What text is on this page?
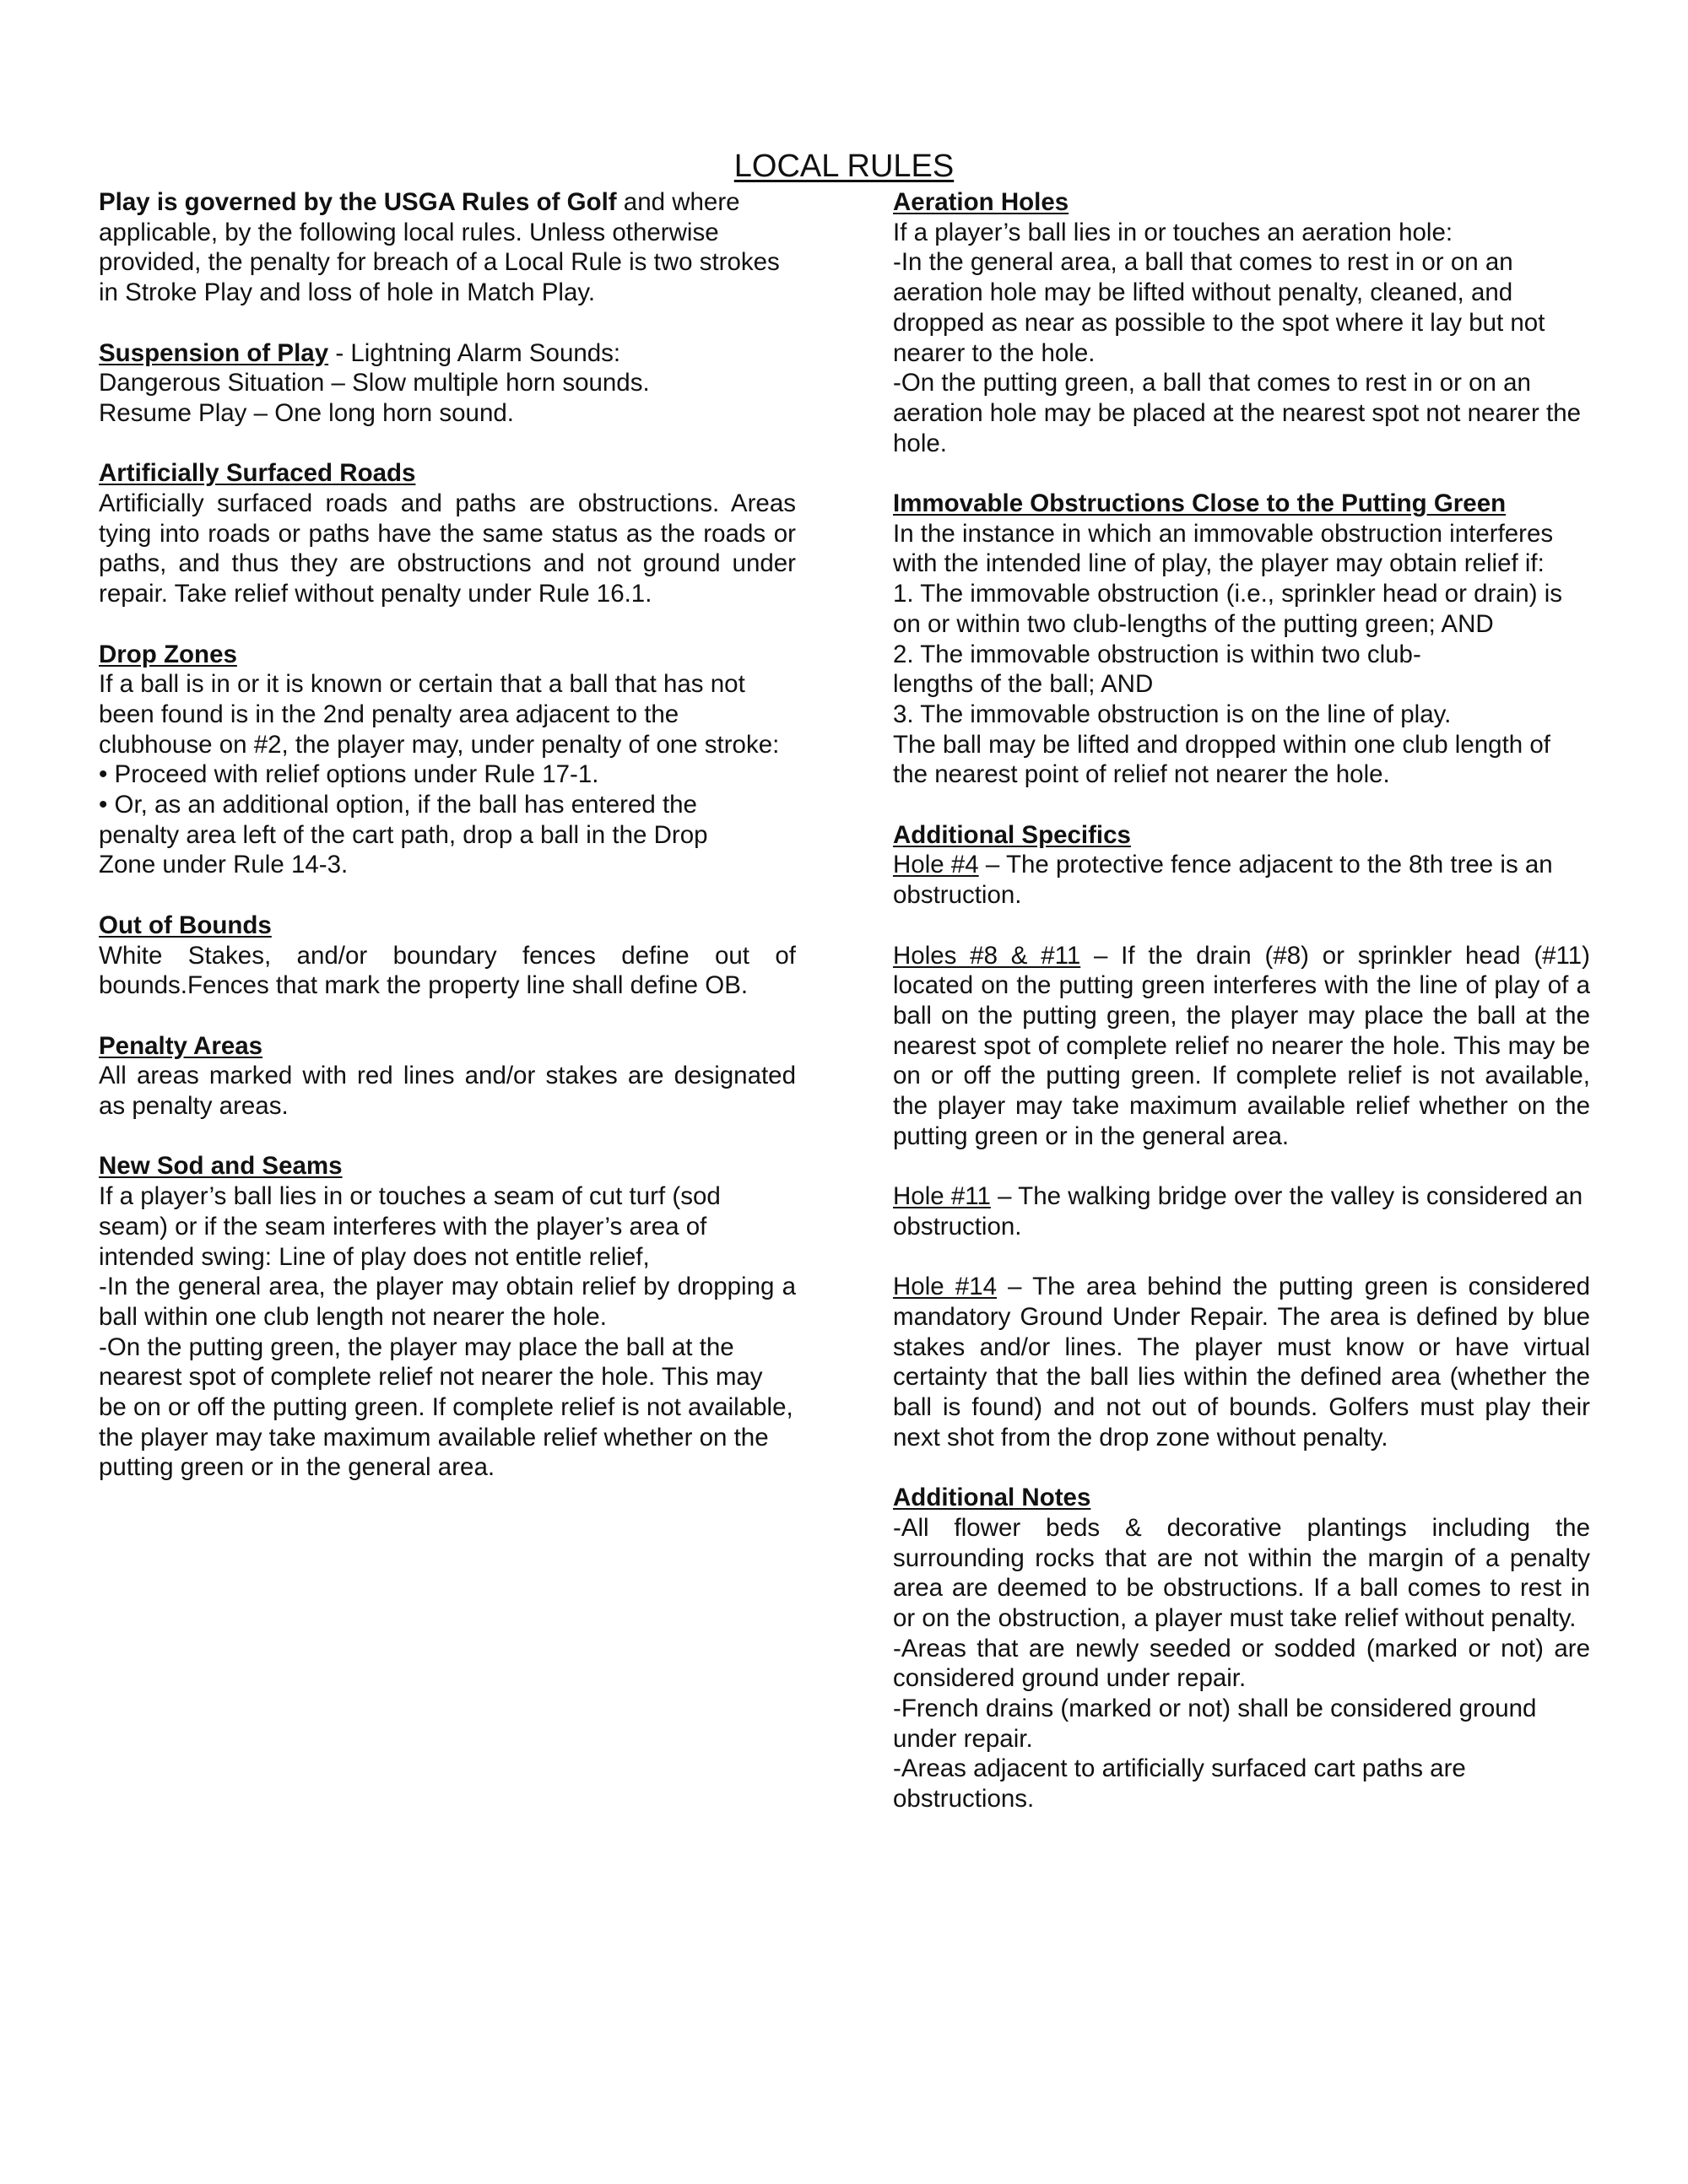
LOCAL RULES

Play is governed by the USGA Rules of Golf and where applicable, by the following local rules. Unless otherwise provided, the penalty for breach of a Local Rule is two strokes in Stroke Play and loss of hole in Match Play.

Suspension of Play - Lightning Alarm Sounds:

Dangerous Situation – Slow multiple horn sounds.

Resume Play – One long horn sound.

Artificially Surfaced Roads

Artificially surfaced roads and paths are obstructions. Areas tying into roads or paths have the same status as the roads or paths, and thus they are obstructions and not ground under repair. Take relief without penalty under Rule 16.1.

Drop Zones

If a ball is in or it is known or certain that a ball that has not been found is in the 2nd penalty area adjacent to the clubhouse on #2, the player may, under penalty of one stroke:

• Proceed with relief options under Rule 17-1.

• Or, as an additional option, if the ball has entered the penalty area left of the cart path, drop a ball in the Drop Zone under Rule 14-3.

Out of Bounds

White Stakes, and/or boundary fences define out of bounds.Fences that mark the property line shall define OB.

Penalty Areas

All areas marked with red lines and/or stakes are designated as penalty areas.

New Sod and Seams

If a player’s ball lies in or touches a seam of cut turf (sod seam) or if the seam interferes with the player’s area of intended swing: Line of play does not entitle relief,

-In the general area, the player may obtain relief by dropping a ball within one club length not nearer the hole.

-On the putting green, the player may place the ball at the nearest spot of complete relief not nearer the hole. This may be on or off the putting green. If complete relief is not available, the player may take maximum available relief whether on the putting green or in the general area.

Aeration Holes

If a player’s ball lies in or touches an aeration hole:

-In the general area, a ball that comes to rest in or on an aeration hole may be lifted without penalty, cleaned, and dropped as near as possible to the spot where it lay but not nearer to the hole.

-On the putting green, a ball that comes to rest in or on an aeration hole may be placed at the nearest spot not nearer the hole.

Immovable Obstructions Close to the Putting Green

In the instance in which an immovable obstruction interferes with the intended line of play, the player may obtain relief if:

1. The immovable obstruction (i.e., sprinkler head or drain) is on or within two club-lengths of the putting green; AND

2. The immovable obstruction is within two club-lengths of the ball; AND

3. The immovable obstruction is on the line of play.

The ball may be lifted and dropped within one club length of the nearest point of relief not nearer the hole.

Additional Specifics

Hole #4 – The protective fence adjacent to the 8th tree is an obstruction.

Holes #8 & #11 – If the drain (#8) or sprinkler head (#11) located on the putting green interferes with the line of play of a ball on the putting green, the player may place the ball at the nearest spot of complete relief no nearer the hole. This may be on or off the putting green. If complete relief is not available, the player may take maximum available relief whether on the putting green or in the general area.

Hole #11 – The walking bridge over the valley is considered an obstruction.

Hole #14 – The area behind the putting green is considered mandatory Ground Under Repair. The area is defined by blue stakes and/or lines. The player must know or have virtual certainty that the ball lies within the defined area (whether the ball is found) and not out of bounds. Golfers must play their next shot from the drop zone without penalty.

Additional Notes

-All flower beds & decorative plantings including the surrounding rocks that are not within the margin of a penalty area are deemed to be obstructions. If a ball comes to rest in or on the obstruction, a player must take relief without penalty.

-Areas that are newly seeded or sodded (marked or not) are considered ground under repair.

-French drains (marked or not) shall be considered ground under repair.

-Areas adjacent to artificially surfaced cart paths are obstructions.
